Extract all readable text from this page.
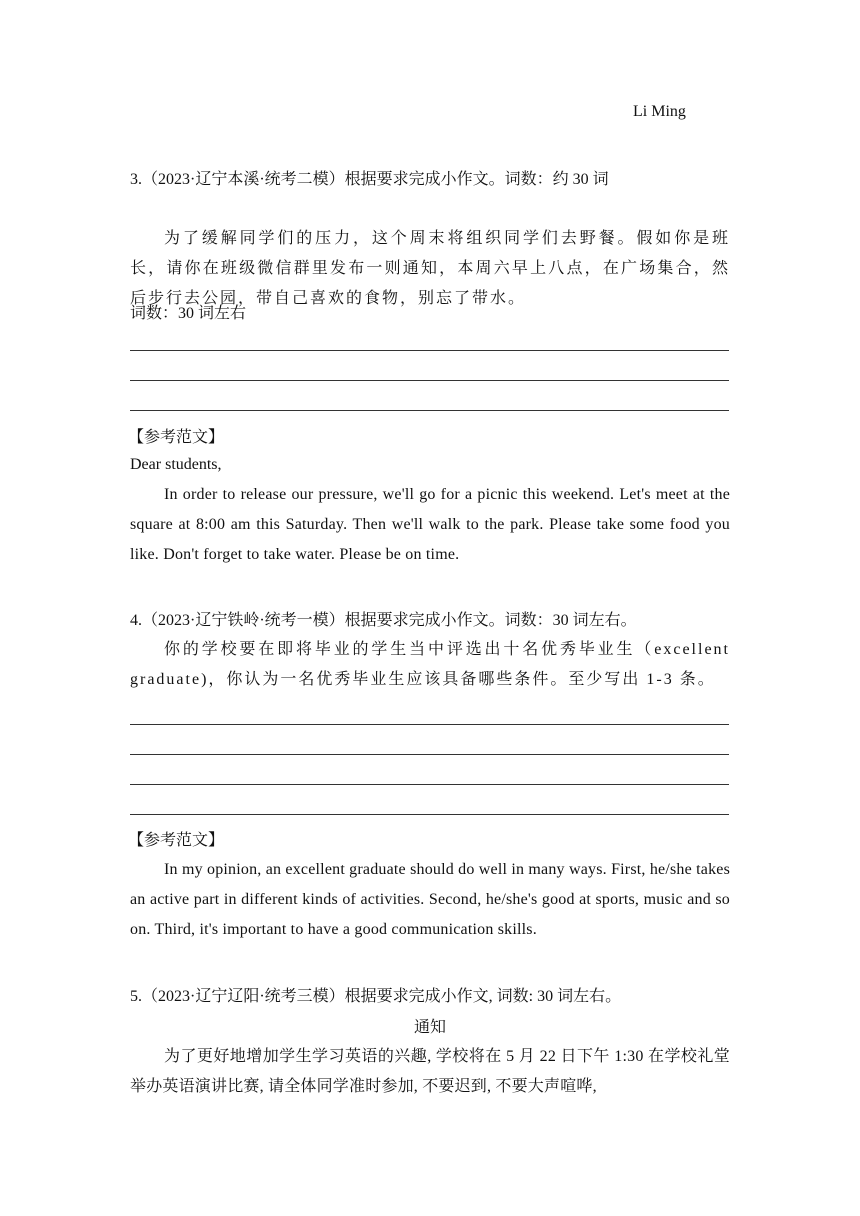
Li Ming
3.（2023·辽宁本溪·统考二模）根据要求完成小作文。词数：约 30 词
为了缓解同学们的压力，这个周末将组织同学们去野餐。假如你是班长，请你在班级微信群里发布一则通知，本周六早上八点，在广场集合，然后步行去公园，带自己喜欢的食物，别忘了带水。
词数：30 词左右
【参考范文】
Dear students,
In order to release our pressure, we'll go for a picnic this weekend. Let's meet at the square at 8:00 am this Saturday. Then we'll walk to the park. Please take some food you like. Don't forget to take water. Please be on time.
4.（2023·辽宁铁岭·统考一模）根据要求完成小作文。词数：30 词左右。
你的学校要在即将毕业的学生当中评选出十名优秀毕业生（excellent graduate)，你认为一名优秀毕业生应该具备哪些条件。至少写出 1-3 条。
【参考范文】
In my opinion, an excellent graduate should do well in many ways. First, he/she takes an active part in different kinds of activities. Second, he/she's good at sports, music and so on. Third, it's important to have a good communication skills.
5.（2023·辽宁辽阳·统考三模）根据要求完成小作文, 词数: 30 词左右。
通知
为了更好地增加学生学习英语的兴趣, 学校将在 5 月 22 日下午 1:30 在学校礼堂举办英语演讲比赛, 请全体同学准时参加, 不要迟到, 不要大声喧哗,
